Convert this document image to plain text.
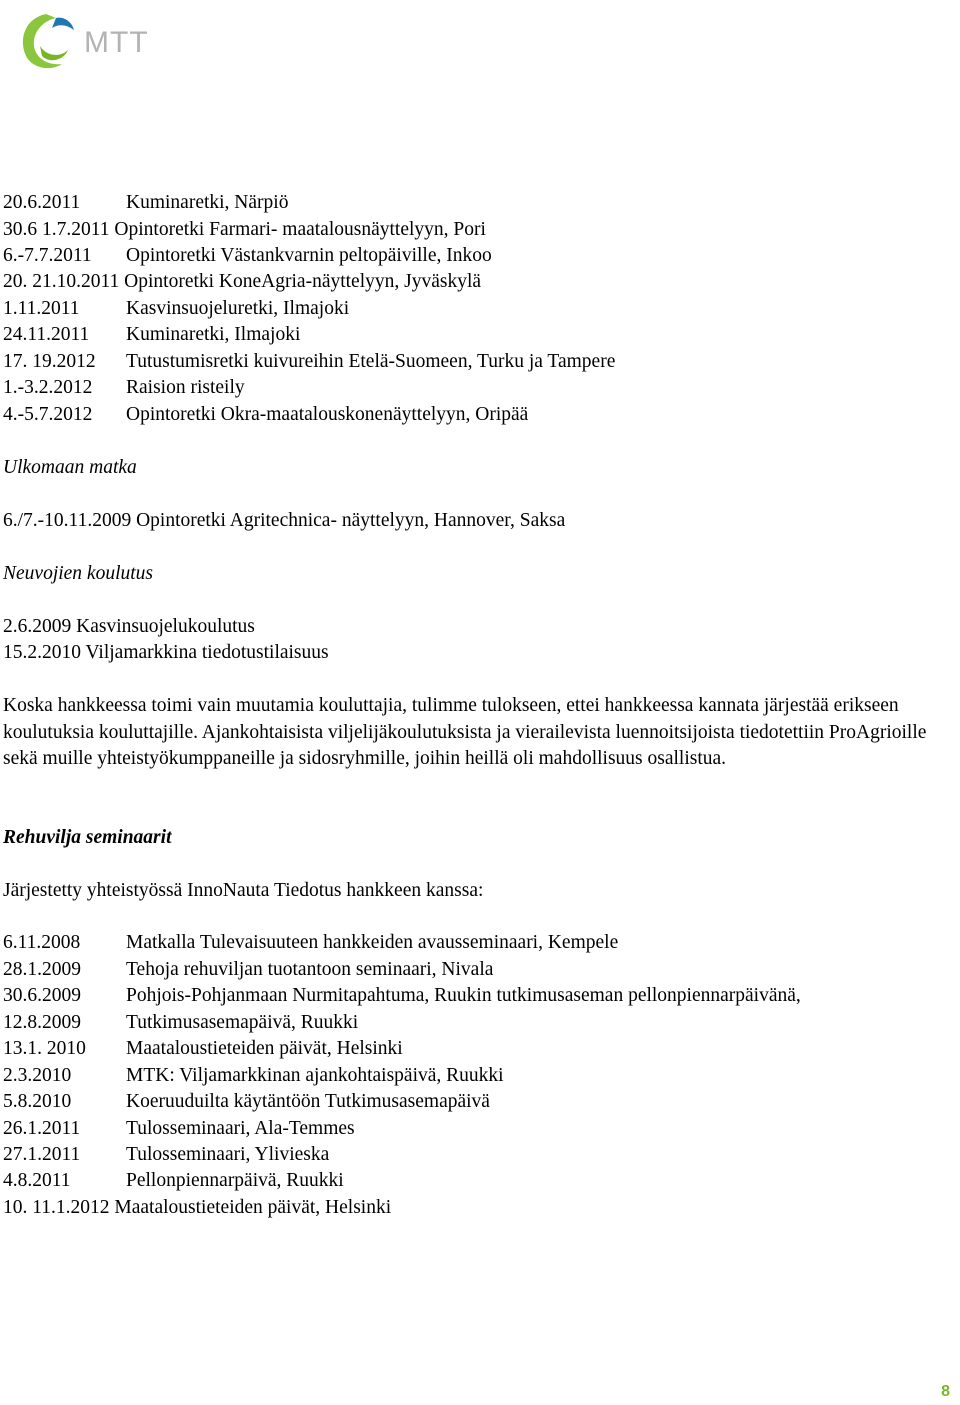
MTT
20.6.2011 Kuminaretki, Närpiö
30.6 1.7.2011 Opintoretki Farmari- maatalousnäyttelyyn, Pori
6.-7.7.2011 Opintoretki Västankvarnin peltopäiville, Inkoo
20. 21.10.2011 Opintoretki KoneAgria-näyttelyyn, Jyväskylä
1.11.2011 Kasvinsuojeluretki, Ilmajoki
24.11.2011 Kuminaretki, Ilmajoki
17. 19.2012 Tutustumisretki kuivureihin Etelä-Suomeen, Turku ja Tampere
1.-3.2.2012 Raision risteily
4.-5.7.2012 Opintoretki Okra-maatalouskonenäyttelyyn, Oripää
Ulkomaan matka
6./7.-10.11.2009 Opintoretki Agritechnica- näyttelyyn, Hannover, Saksa
Neuvojien koulutus
2.6.2009 Kasvinsuojelukoulutus
15.2.2010 Viljamarkkina tiedotustilaisuus
Koska hankkeessa toimi vain muutamia kouluttajia, tulimme tulokseen, ettei hankkeessa kannata järjestää erikseen koulutuksia kouluttajille. Ajankohtaisista viljelijäkoulutuksista ja vierailevista luennoitsijoista tiedotettiin ProAgrioille sekä muille yhteistyökumppaneille ja sidosryhmille, joihin heillä oli mahdollisuus osallistua.
Rehuvilja seminaarit
Järjestetty yhteistyössä InnoNauta Tiedotus hankkeen kanssa:
6.11.2008 Matkalla Tulevaisuuteen hankkeiden avausseminaari, Kempele
28.1.2009 Tehoja rehuviljan tuotantoon seminaari, Nivala
30.6.2009 Pohjois-Pohjanmaan Nurmitapahtuma, Ruukin tutkimusaseman pellonpiennarpäivänä,
12.8.2009 Tutkimusasemapäivä, Ruukki
13.1. 2010 Maataloustieteiden päivät, Helsinki
2.3.2010	MTK: Viljamarkkinan ajankohtaispäivä, Ruukki
5.8.2010	Koeruuduilta käytäntöön Tutkimusasemapäivä
26.1.2011 Tulosseminaari, Ala-Temmes
27.1.2011 Tulosseminaari, Ylivieska
4.8.2011	Pellonpiennarpäivä, Ruukki
10. 11.1.2012 Maataloustieteiden päivät, Helsinki
8
